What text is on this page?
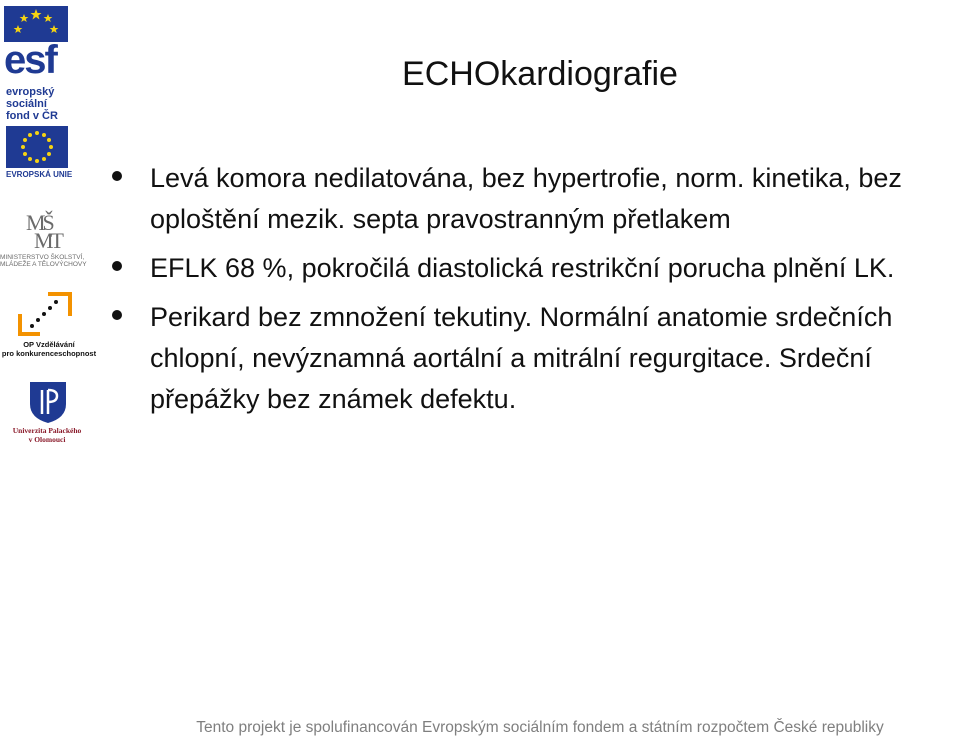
esf
evropský
sociální
fond v ČR
EVROPSKÁ UNIE
MŠ
MT
MINISTERSTVO ŠKOLSTVÍ,
MLÁDEŽE A TĚLOVÝCHOVY
OP Vzdělávání
pro konkurenceschopnost
Univerzita Palackého
v Olomouci
ECHOkardiografie
Levá komora nedilatována, bez hypertrofie, norm. kinetika, bez oploštění mezik. septa pravostranným přetlakem
EFLK 68 %, pokročilá diastolická restrikční porucha plnění LK.
Perikard bez zmnožení tekutiny. Normální anatomie srdečních chlopní, nevýznamná aortální a mitrální regurgitace. Srdeční přepážky bez známek defektu.
Tento projekt je spolufinancován Evropským sociálním fondem a státním rozpočtem České republiky
